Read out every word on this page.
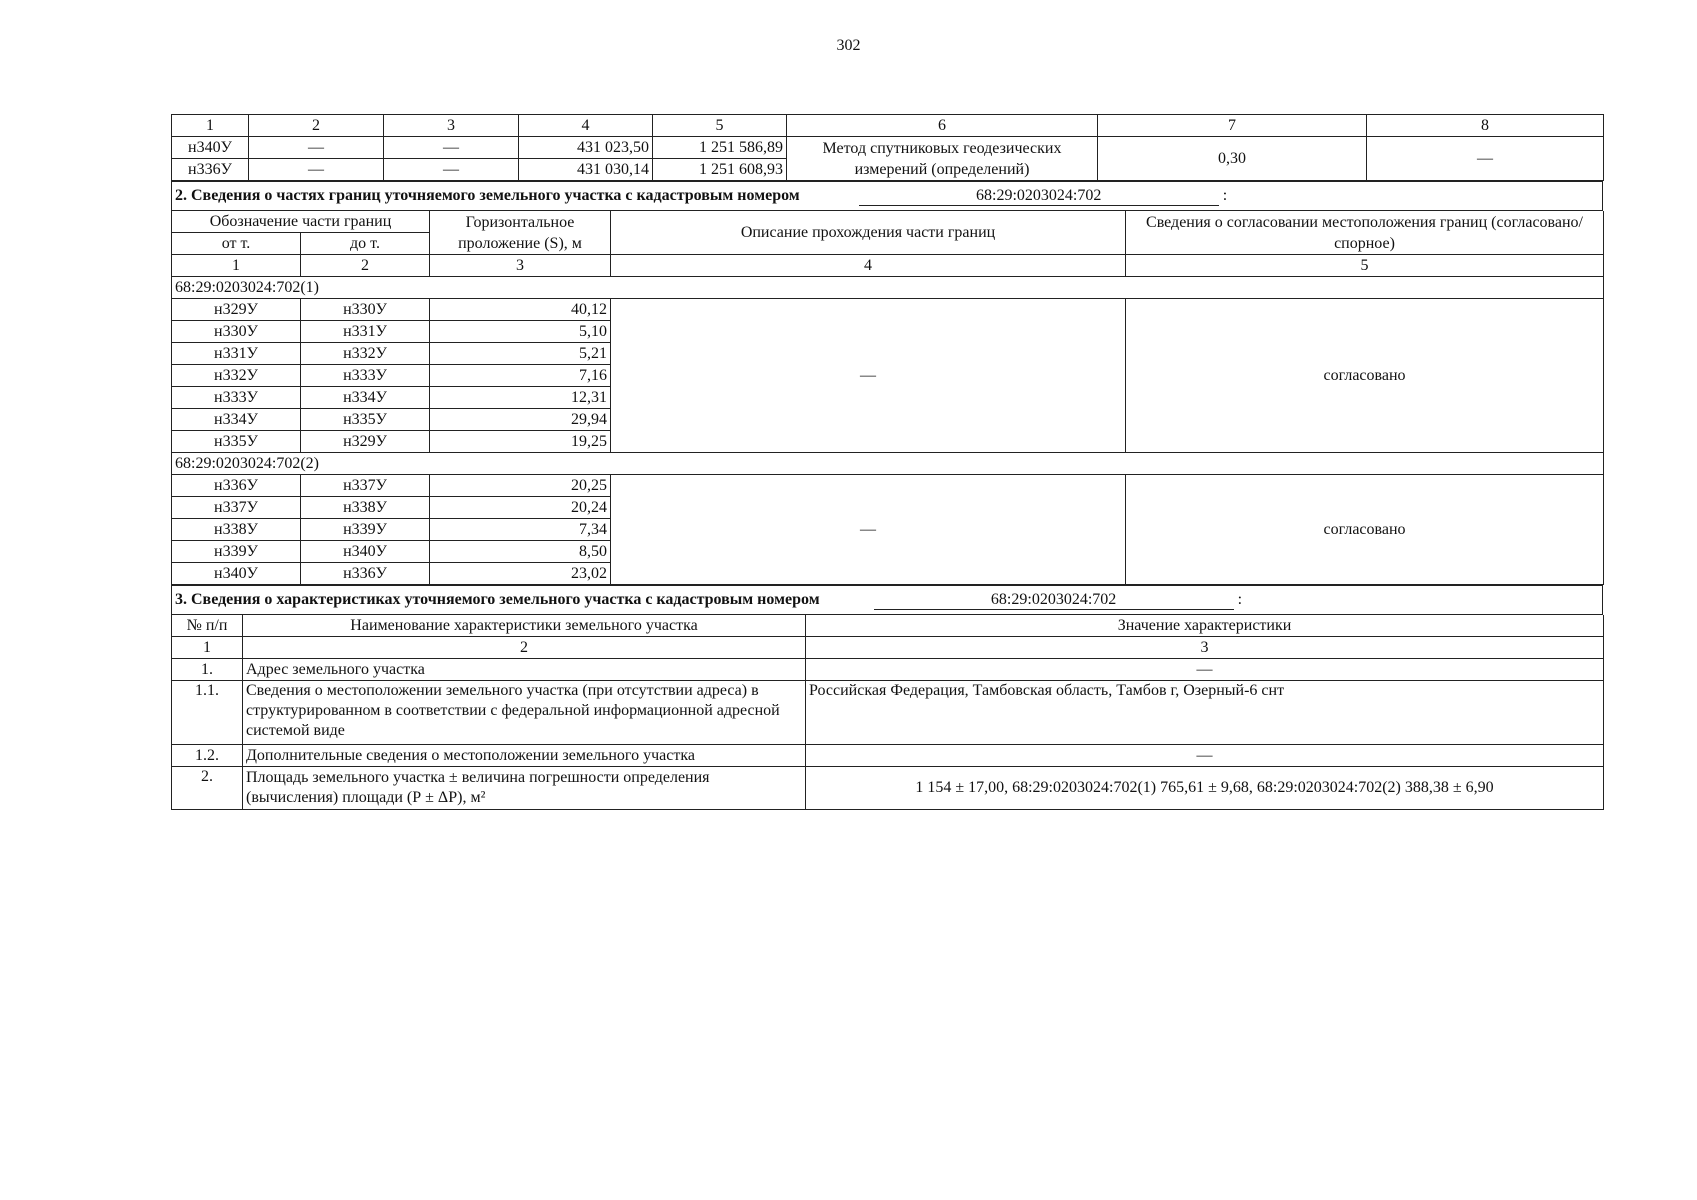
302
1	2	3	4	5	6	7	8
н340У	—	—	431 023,50	1 251 586,89	Метод спутниковых геодезических измерений (определений)	0,30	—
н336У	—	—	431 030,14	1 251 608,93			
2. Сведения о частях границ уточняемого земельного участка с кадастровым номером	68:29:0203024:702	:
Обозначение части границ		Горизонтальное проложение (S), м	Описание прохождения части границ	Сведения о согласовании местоположения границ (согласовано/спорное)
от т.	до т.			
1	2	3	4	5
68:29:0203024:702(1)				
н329У	н330У	40,12	—	согласовано
н330У	н331У	5,10		
н331У	н332У	5,21		
н332У	н333У	7,16		
н333У	н334У	12,31		
н334У	н335У	29,94		
н335У	н329У	19,25		
68:29:0203024:702(2)				
н336У	н337У	20,25	—	согласовано
н337У	н338У	20,24		
н338У	н339У	7,34		
н339У	н340У	8,50		
н340У	н336У	23,02		
3. Сведения о характеристиках уточняемого земельного участка с кадастровым номером	68:29:0203024:702	:
№ п/п	Наименование характеристики земельного участка	Значение характеристики
1	2	3
1.	Адрес земельного участка	—
1.1.	Сведения о местоположении земельного участка (при отсутствии адреса) в структурированном в соответствии с федеральной информационной адресной системой виде	Российская Федерация, Тамбовская область, Тамбов г, Озерный-6 снт
1.2.	Дополнительные сведения о местоположении земельного участка	—
2.	Площадь земельного участка ± величина погрешности определения (вычисления) площади (Р ± ΔР), м²	1 154 ± 17,00, 68:29:0203024:702(1) 765,61 ± 9,68, 68:29:0203024:702(2) 388,38 ± 6,90
